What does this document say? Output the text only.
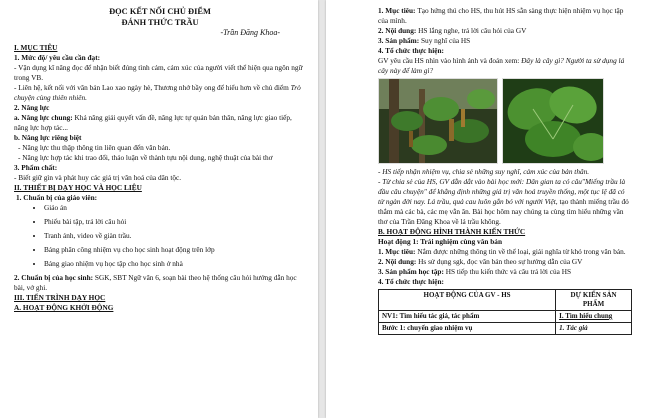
ĐỌC KẾT NỐI CHỦ ĐIỂM
ĐÁNH THỨC TRẦU
-Trần Đăng Khoa-

I. MỤC TIÊU

1. Mức độ/ yêu cầu cần đạt:

- Vận dụng kĩ năng đọc để nhận biết đúng tình cảm, cảm xúc của người viết thể hiện qua ngôn ngữ trong VB.

- Liên hệ, kết nối với văn bản Lao xao ngày hè, Thương nhớ bầy ong để hiểu hơn về chủ điểm Trò chuyện cùng thiên nhiên.

2. Năng lực

a. Năng lực chung: Khả năng giải quyết vấn đề, năng lực tự quản bản thân, năng lực giao tiếp, năng lực hợp tác...

b. Năng lực riêng biệt

- Năng lực thu thập thông tin liên quan đến văn bản.

- Năng lực hợp tác khi trao đổi, thảo luận về thành tựu nội dung, nghệ thuật của bài thơ

3. Phẩm chất:

- Biết giữ gìn và phát huy các giá trị văn hoá của dân tộc.

II. THIẾT BỊ DẠY HỌC VÀ HỌC LIỆU

1. Chuẩn bị của giáo viên:

• Giáo án
• Phiếu bài tập, trả lời câu hỏi
• Tranh ảnh, video về giàn trầu.
• Bảng phân công nhiệm vụ cho học sinh hoạt động trên lớp
• Bảng giao nhiệm vụ học tập cho học sinh ở nhà

2. Chuẩn bị của học sinh: SGK, SBT Ngữ văn 6, soạn bài theo hệ thống câu hỏi hướng dẫn học bài, vở ghi.

III. TIẾN TRÌNH DẠY HỌC

A. HOẠT ĐỘNG KHỞI ĐỘNG

1. Mục tiêu: Tạo hứng thú cho HS, thu hút HS sẵn sàng thực hiện nhiệm vụ học tập của mình.

2. Nội dung: HS lắng nghe, trả lời câu hỏi của GV

3. Sản phẩm: Suy nghĩ của HS

4. Tổ chức thực hiện:

GV yêu cầu HS nhìn vào hình ảnh và đoán xem: Đây là cây gì? Người ta sử dụng lá cây này để làm gì?

- HS tiếp nhận nhiệm vụ, chia sẻ những suy nghĩ, cảm xúc của bản thân.

- Từ chia sẻ của HS, GV dẫn dắt vào bài học mới: Dân gian ta có câu"Miếng trầu là đầu câu chuyện" để khẳng định những giá trị văn hoá truyền thống, một tục lệ đã có từ ngàn đời nay. Lá trầu, quả cau luôn gắn bó với người Việt, tạo thành miếng trầu đỏ thắm mà các bà, các mẹ vẫn ăn. Bài học hôm nay chúng ta cùng tìm hiểu những vần thơ của Trần Đăng Khoa về lá trầu không.

B. HOẠT ĐỘNG HÌNH THÀNH KIẾN THỨC

Hoạt động 1: Trải nghiệm cùng văn bản

1. Mục tiêu: Nắm được những thông tin về thể loại, giải nghĩa từ khó trong văn bản.

2. Nội dung: Hs sử dụng sgk, đọc văn bản theo sự hướng dẫn của GV

3. Sản phẩm học tập: HS tiếp thu kiến thức và câu trả lời của HS

4. Tổ chức thực hiện:

HOẠT ĐỘNG CỦA GV - HS	DỰ KIẾN SẢN PHẨM
NV1: Tìm hiểu tác giả, tác phẩm	I. Tìm hiểu chung
Bước 1: chuyển giao nhiệm vụ	1. Tác giả
